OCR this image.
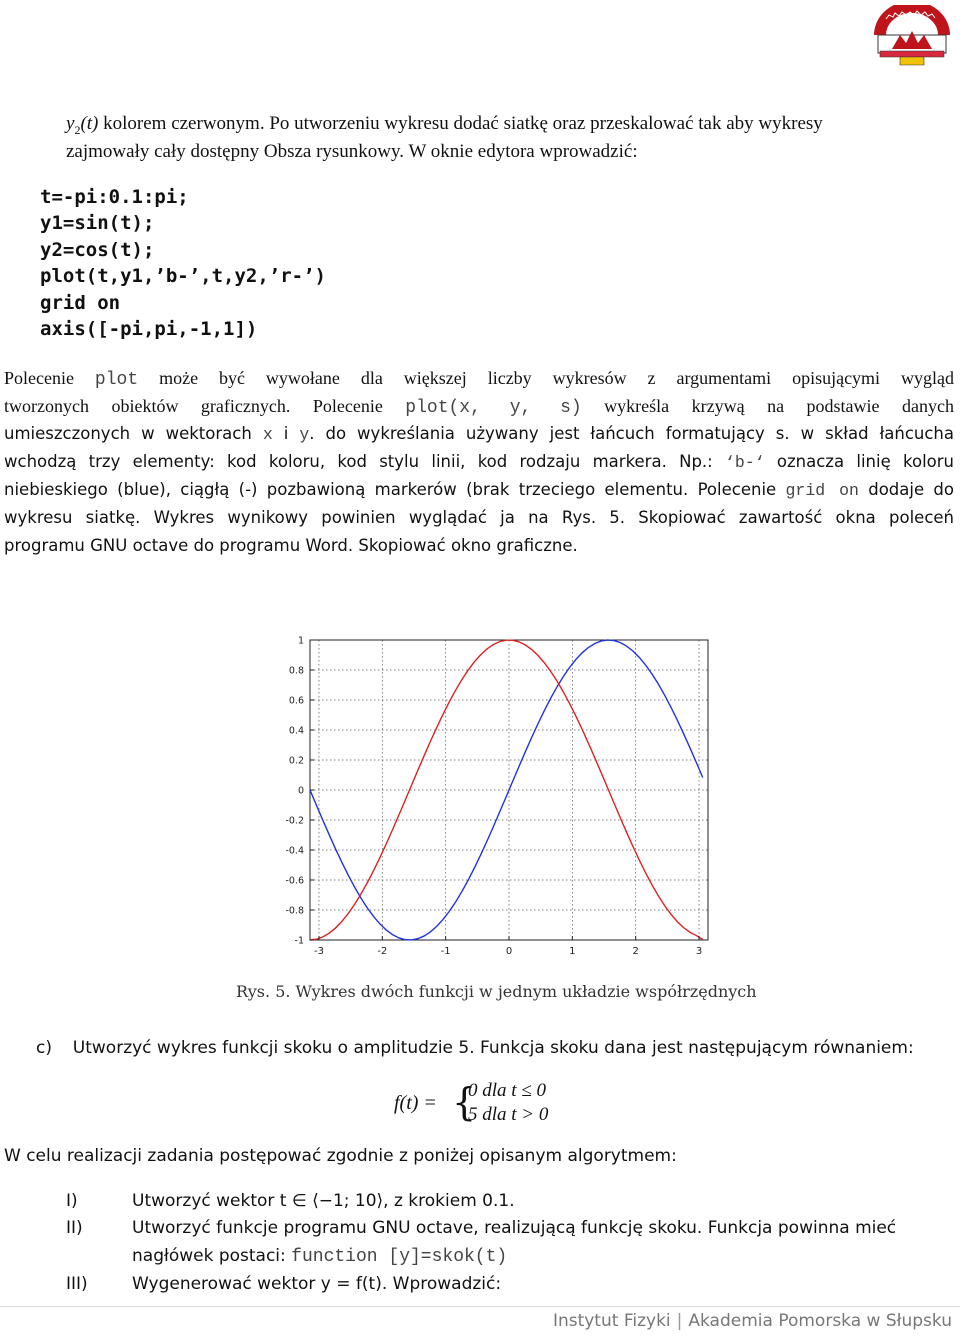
$y_2(t)$ kolorem czerwonym. Po utworzeniu wykresu dodać siatkę oraz przeskalować tak aby wykresy
zajmowały cały dostępny Obsza rysunkowy. W oknie edytora wprowadzić:
t=-pi:0.1:pi;
y1=sin(t);
y2=cos(t);
plot(t,y1,’b-’,t,y2,’r-’)
grid on
axis([-pi,pi,-1,1])
Polecenie plot może być wywołane dla większej liczby wykresów z argumentami opisującymi wygląd
tworzonych obiektów graficznych. Polecenie plot(x, y, s) wykreśla krzywą na podstawie danych
umieszczonych w wektorach x i y. do wykreślania używany jest łańcuch formatujący s. w skład łańcucha
wchodzą trzy elementy: kod koloru, kod stylu linii, kod rodzaju markera. Np.: ‘b-‘ oznacza linię koloru
niebieskiego (blue), ciągłą (-) pozbawioną markerów (brak trzeciego elementu. Polecenie grid on dodaje do
wykresu siatkę. Wykres wynikowy powinien wyglądać ja na Rys. 5. Skopiować zawartość okna poleceń
programu GNU octave do programu Word. Skopiować okno graficzne.
-3	-2	-1	0	1	2	3
1
0.8
0.6
0.4
0.2
0
-0.2
-0.4
-0.6
-0.8
-1
Rys. 5. Wykres dwóch funkcji w jednym układzie współrzędnych
c) Utworzyć wykres funkcji skoku o amplitudzie 5. Funkcja skoku dana jest następującym równaniem:
f(t) = {
0 dla t ≤ 0
5 dla t > 0
W celu realizacji zadania postępować zgodnie z poniżej opisanym algorytmem:
I)	Utworzyć wektor t ∈ ⟨−1; 10⟩, z krokiem 0.1.
II)	Utworzyć funkcje programu GNU octave, realizującą funkcję skoku. Funkcja powinna mieć
nagłówek postaci: function [y]=skok(t)
III)	Wygenerować wektor y = f(t). Wprowadzić:
Instytut Fizyki | Akademia Pomorska w Słupsku
